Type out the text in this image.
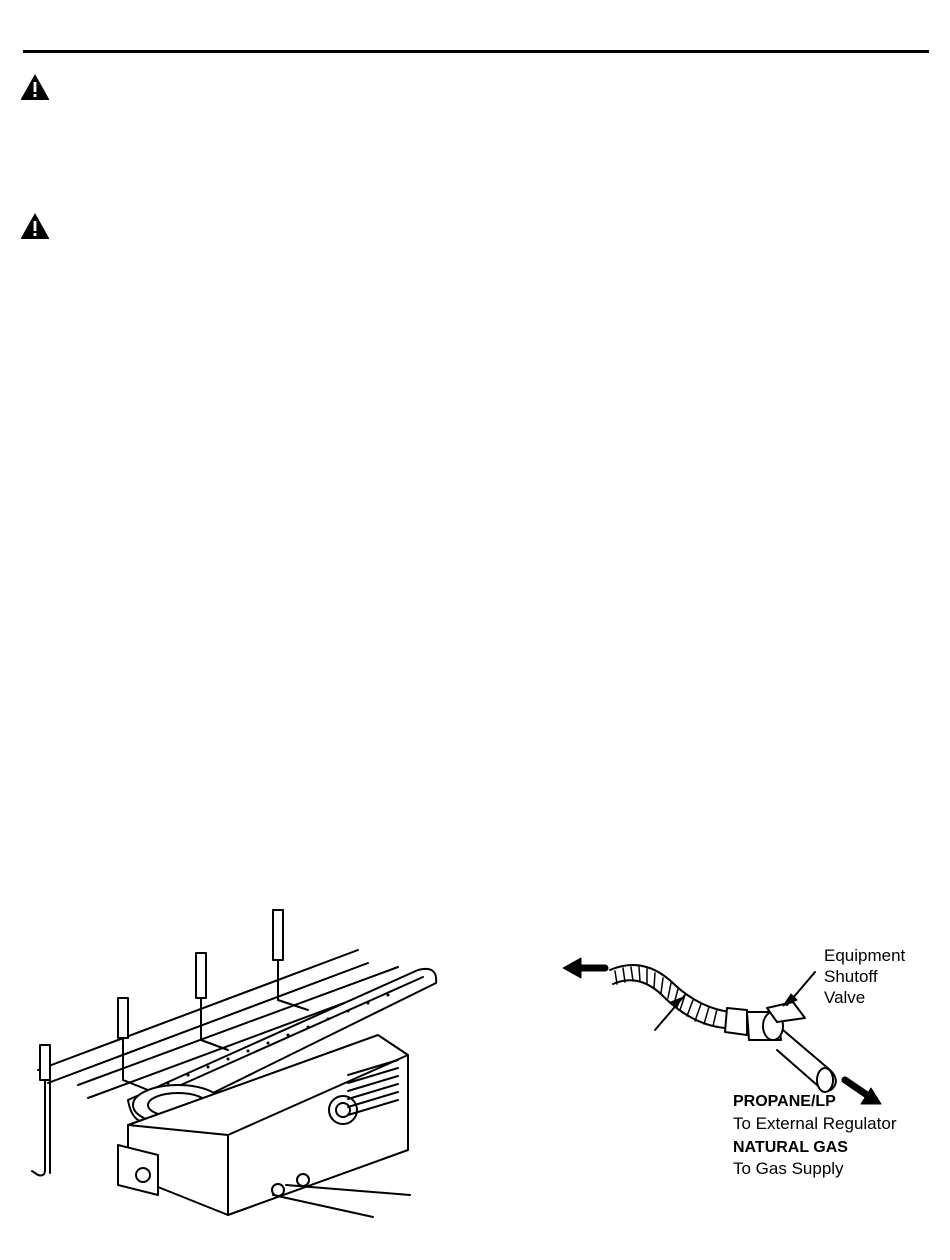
Equipment
Shutoff
Valve
PROPANE/LP
To External Regulator
NATURAL GAS
To Gas Supply
